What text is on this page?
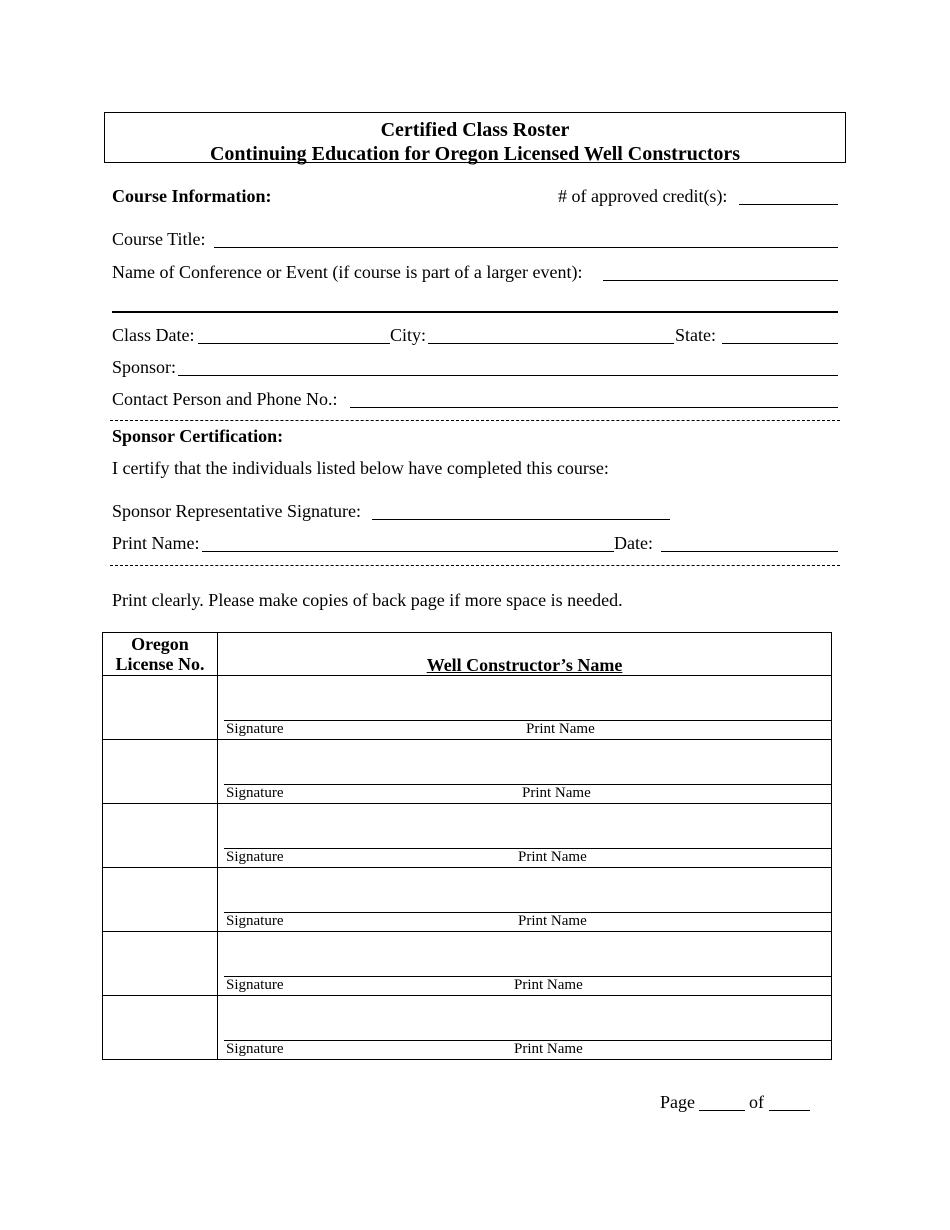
Certified Class Roster
Continuing Education for Oregon Licensed Well Constructors
Course Information:	# of approved credit(s):
Course Title:
Name of Conference or Event (if course is part of a larger event):
Class Date:	City:	State:
Sponsor:
Contact Person and Phone No.:
Sponsor Certification:
I certify that the individuals listed below have completed this course:
Sponsor Representative Signature:
Print Name:	Date:
Print clearly. Please make copies of back page if more space is needed.
Oregon
License No.	Well Constructor’s Name

	Signature Print Name

	Signature Print Name

	Signature Print Name

	Signature Print Name

	Signature Print Name

	Signature Print Name
Page	of
